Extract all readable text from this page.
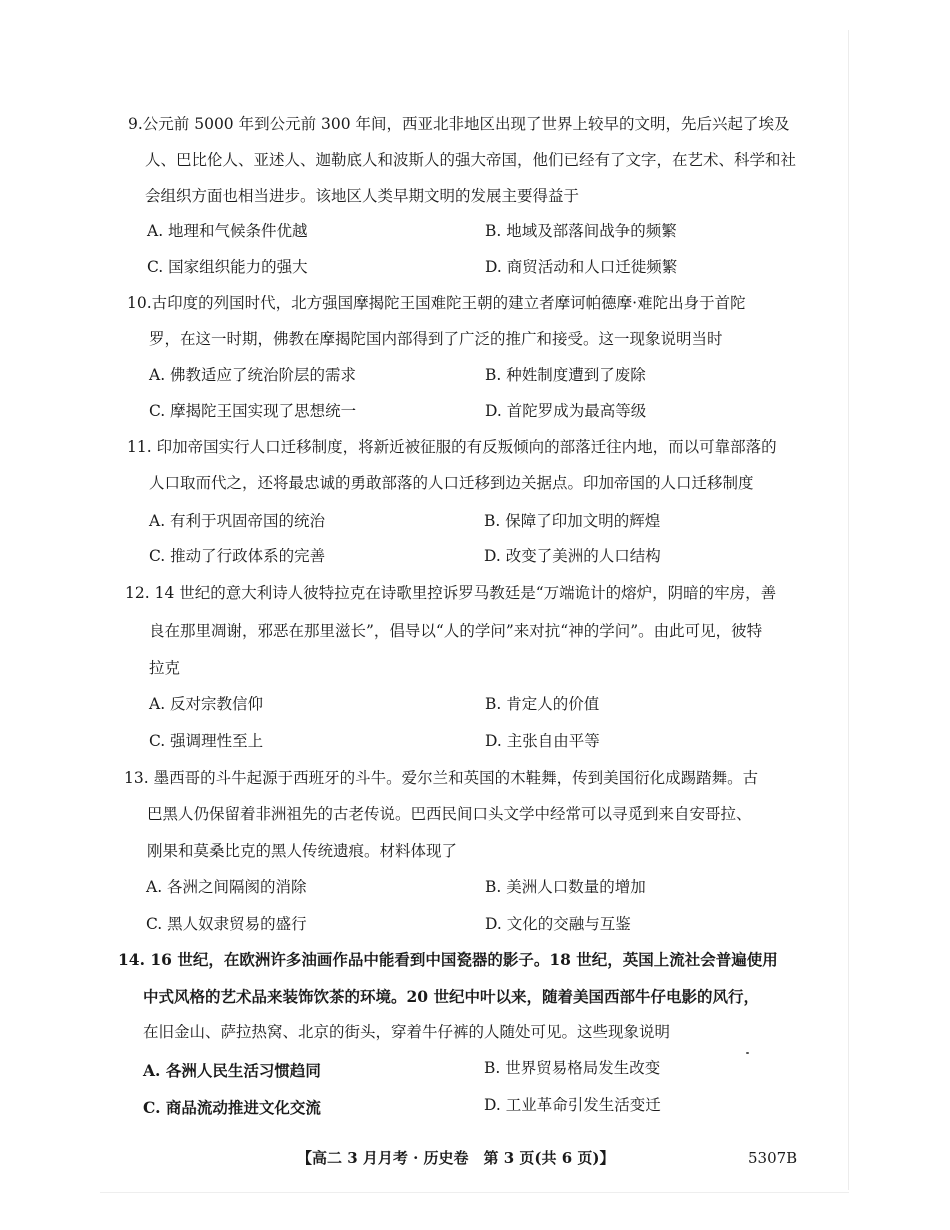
9.公元前 5000 年到公元前 300 年间，西亚北非地区出现了世界上较早的文明，先后兴起了埃及
人、巴比伦人、亚述人、迦勒底人和波斯人的强大帝国，他们已经有了文字，在艺术、科学和社
会组织方面也相当进步。该地区人类早期文明的发展主要得益于
A. 地理和气候条件优越	B. 地域及部落间战争的频繁
C. 国家组织能力的强大	D. 商贸活动和人口迁徙频繁
10.古印度的列国时代，北方强国摩揭陀王国难陀王朝的建立者摩诃帕德摩·难陀出身于首陀
罗，在这一时期，佛教在摩揭陀国内部得到了广泛的推广和接受。这一现象说明当时
A. 佛教适应了统治阶层的需求	B. 种姓制度遭到了废除
C. 摩揭陀王国实现了思想统一	D. 首陀罗成为最高等级
11. 印加帝国实行人口迁移制度，将新近被征服的有反叛倾向的部落迁往内地，而以可靠部落的
人口取而代之，还将最忠诚的勇敢部落的人口迁移到边关据点。印加帝国的人口迁移制度
A. 有利于巩固帝国的统治	B. 保障了印加文明的辉煌
C. 推动了行政体系的完善	D. 改变了美洲的人口结构
12. 14 世纪的意大利诗人彼特拉克在诗歌里控诉罗马教廷是“万端诡计的熔炉，阴暗的牢房，善
良在那里凋谢，邪恶在那里滋长”，倡导以“人的学问”来对抗“神的学问”。由此可见，彼特
拉克
A. 反对宗教信仰	B. 肯定人的价值
C. 强调理性至上	D. 主张自由平等
13. 墨西哥的斗牛起源于西班牙的斗牛。爱尔兰和英国的木鞋舞，传到美国衍化成踢踏舞。古
巴黑人仍保留着非洲祖先的古老传说。巴西民间口头文学中经常可以寻觅到来自安哥拉、
刚果和莫桑比克的黑人传统遗痕。材料体现了
A. 各洲之间隔阂的消除	B. 美洲人口数量的增加
C. 黑人奴隶贸易的盛行	D. 文化的交融与互鉴
14. 16 世纪，在欧洲许多油画作品中能看到中国瓷器的影子。18 世纪，英国上流社会普遍使用
中式风格的艺术品来装饰饮茶的环境。20 世纪中叶以来，随着美国西部牛仔电影的风行，
在旧金山、萨拉热窝、北京的街头，穿着牛仔裤的人随处可见。这些现象说明
A. 各洲人民生活习惯趋同	B. 世界贸易格局发生改变
C. 商品流动推进文化交流	D. 工业革命引发生活变迁
【高二 3 月月考 · 历史卷　第 3 页(共 6 页)】	5307B
